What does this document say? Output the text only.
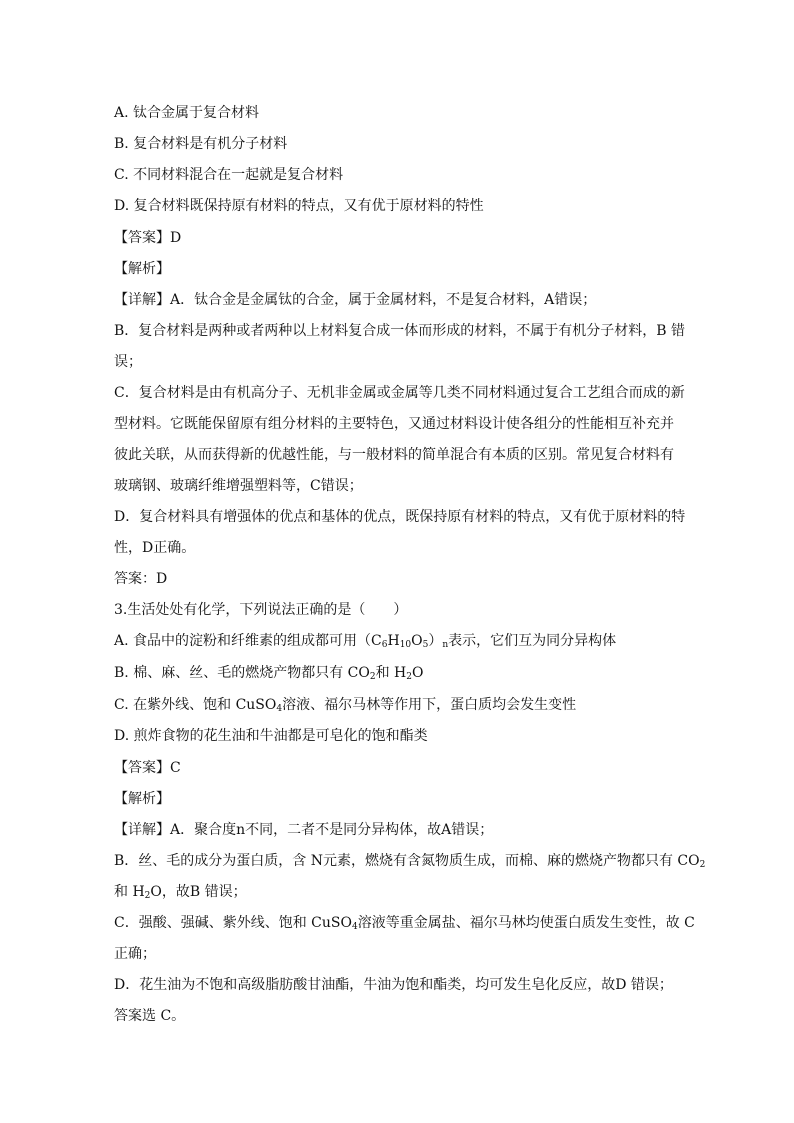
A. 钛合金属于复合材料
B. 复合材料是有机分子材料
C. 不同材料混合在一起就是复合材料
D. 复合材料既保持原有材料的特点，又有优于原材料的特性
【答案】D
【解析】
【详解】A．钛合金是金属钛的合金，属于金属材料，不是复合材料，A错误；
B．复合材料是两种或者两种以上材料复合成一体而形成的材料，不属于有机分子材料，B 错
误；
C．复合材料是由有机高分子、无机非金属或金属等几类不同材料通过复合工艺组合而成的新
型材料。它既能保留原有组分材料的主要特色，又通过材料设计使各组分的性能相互补充并
彼此关联，从而获得新的优越性能，与一般材料的简单混合有本质的区别。常见复合材料有
玻璃钢、玻璃纤维增强塑料等，C错误；
D．复合材料具有增强体的优点和基体的优点，既保持原有材料的特点，又有优于原材料的特
性，D正确。
答案：D
3.生活处处有化学，下列说法正确的是（　　）
A. 食品中的淀粉和纤维素的组成都可用$(C_6H_{10}O_5)_n$表示，它们互为同分异构体
B. 棉、麻、丝、毛的燃烧产物都只有 $CO_2$和 $H_2O$
C. 在紫外线、饱和 CuSO$_4$溶液、福尔马林等作用下，蛋白质均会发生变性
D. 煎炸食物的花生油和牛油都是可皂化的饱和酯类
【答案】C
【解析】
【详解】A．聚合度n不同，二者不是同分异构体，故A错误；
B．丝、毛的成分为蛋白质，含 N元素，燃烧有含氮物质生成，而棉、麻的燃烧产物都只有 $CO_2$
和 $H_2O$，故B 错误；
C．强酸、强碱、紫外线、饱和 CuSO$_4$溶液等重金属盐、福尔马林均使蛋白质发生变性，故 C
正确；
D．花生油为不饱和高级脂肪酸甘油酯，牛油为饱和酯类，均可发生皂化反应，故D 错误；
答案选 C。
